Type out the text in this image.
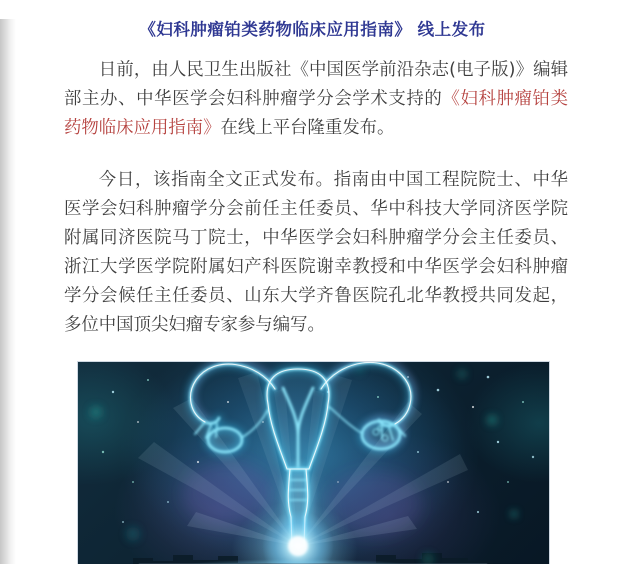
《妇科肿瘤铂类药物临床应用指南》 线上发布

日前，由人民卫生出版社《中国医学前沿杂志(电子版)》编辑部主办、中华医学会妇科肿瘤学分会学术支持的《妇科肿瘤铂类药物临床应用指南》在线上平台隆重发布。

今日，该指南全文正式发布。指南由中国工程院院士、中华医学会妇科肿瘤学分会前任主任委员、华中科技大学同济医学院附属同济医院马丁院士，中华医学会妇科肿瘤学分会主任委员、浙江大学医学院附属妇产科医院谢幸教授和中华医学会妇科肿瘤学分会候任主任委员、山东大学齐鲁医院孔北华教授共同发起，多位中国顶尖妇瘤专家参与编写。
